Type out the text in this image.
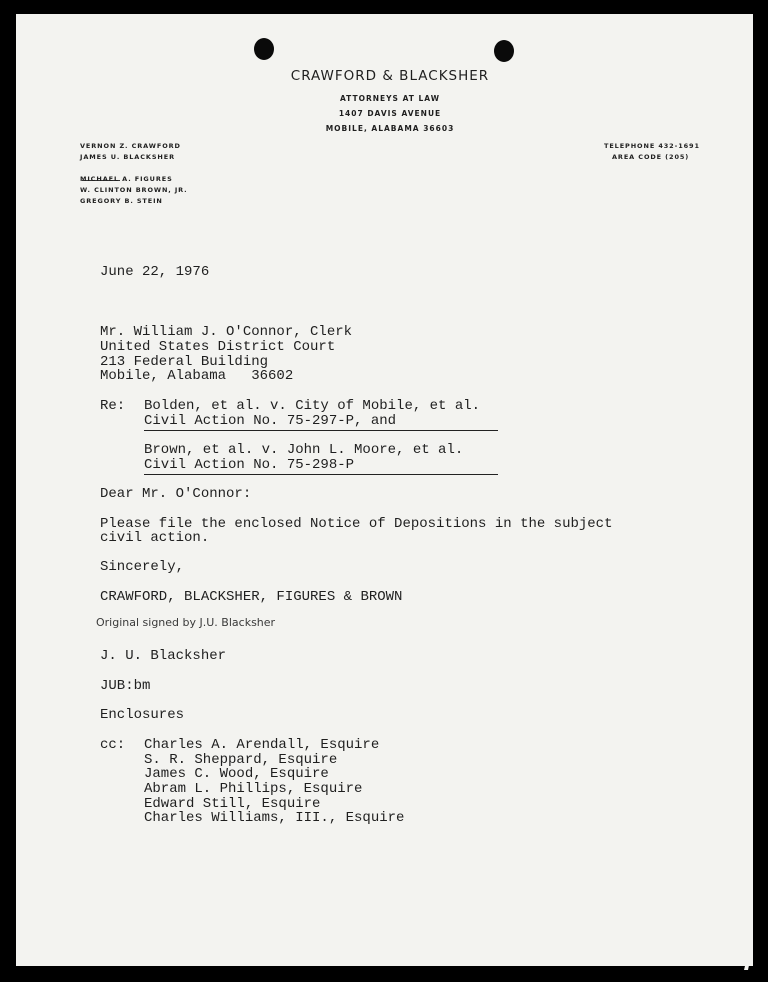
CRAWFORD & BLACKSHER
ATTORNEYS AT LAW
1407 DAVIS AVENUE
MOBILE, ALABAMA 36603
VERNON Z. CRAWFORD
JAMES U. BLACKSHER
MICHAEL A. FIGURES
W. CLINTON BROWN, JR.
GREGORY B. STEIN
TELEPHONE 432-1691
AREA CODE (205)
June 22, 1976
Mr. William J. O'Connor, Clerk
United States District Court
213 Federal Building
Mobile, Alabama   36602
Re: Bolden, et al. v. City of Mobile, et al.
Civil Action No. 75-297-P, and
Brown, et al. v. John L. Moore, et al.
Civil Action No. 75-298-P
Dear Mr. O'Connor:
Please file the enclosed Notice of Depositions in the subject
civil action.
Sincerely,
CRAWFORD, BLACKSHER, FIGURES & BROWN
Original signed by J.U. Blacksher
J. U. Blacksher
JUB:bm
Enclosures
cc: Charles A. Arendall, Esquire
S. R. Sheppard, Esquire
James C. Wood, Esquire
Abram L. Phillips, Esquire
Edward Still, Esquire
Charles Williams, III., Esquire
